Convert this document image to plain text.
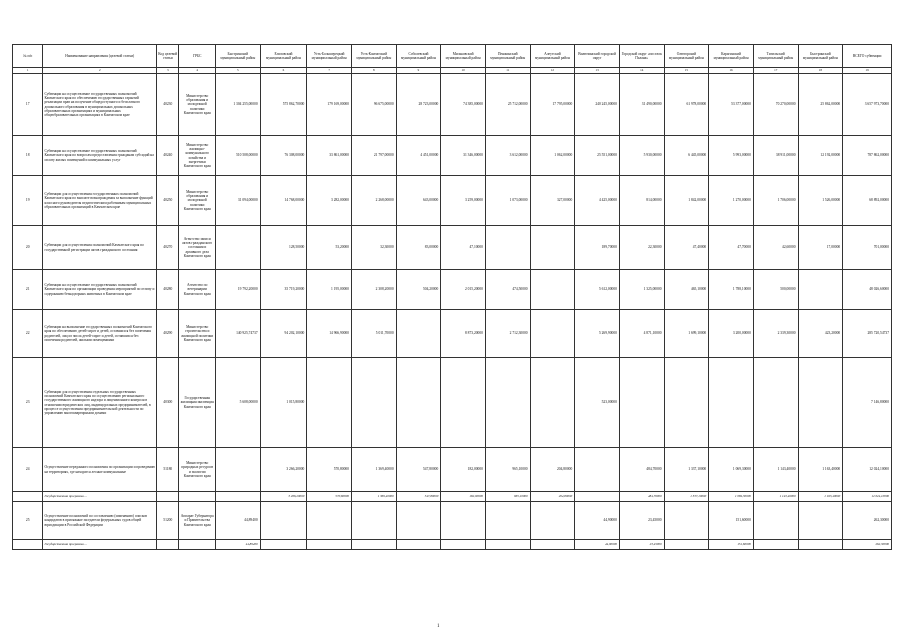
№ п/п	Наименование направления (целевой статьи)	Код целевой статьи	ГРБС	Быстринский муниципальный район	Елизовский муниципальный район	Усть-Большерецкий муниципальный район	Усть-Камчатский муниципальный район	Соболевский муниципальный район	Мильковский муниципальный район	Пенжинский муниципальный район	Алеутский муниципальный район	Вилючинский городской округ	Городской округ «поселок Палана»	Олюторский муниципальный район	Карагинский муниципальный район	Тигильский муниципальный район	Быстринский муниципальный район	ВСЕГО субвенции
1	2	3	4	5	6	7	8	9	10	11	12	13	14	15	16	17	18	19
17	Субвенции на осуществление государственных полномочий Камчатского края по обеспечению государственных гарантий реализации прав на получение общедоступного и бесплатного дошкольного образования в муниципальных дошкольных образовательных организациях и муниципальных общеобразовательных организациях в Камчатском крае	40230	Министерство образования и молодежной политики Камчатского края	1 304 255,00000	575 862,70000	179 169,00000	96 675,00000	28 723,00000	74 385,00000	25 712,00000	17 795,00000	240 245,00000	31 490,00000	61 978,00000	53 377,00000	70 270,00000	25 862,00000	3 657 973,70000
18	Субвенции на осуществление государственных полномочий Камчатского края по вопросам предоставления гражданам субсидий на оплату жилых помещений и коммунальных услуг	40240	Министерство жилищно-коммунального хозяйства и энергетики Камчатского края	510 508,00000	76 308,00000	33 861,00000	21 797,00000	4 451,00000	31 346,00000	3 612,00000	1 062,00000	25 551,00000	5 930,00000	6 445,00000	5 993,00000	38 911,00000	12 192,00000	787 862,00000
19	Субвенции для осуществления государственных полномочий Камчатского края по выплате вознаграждения за выполнение функций классного руководителя педагогическим работникам муниципальных образовательных организаций в Камчатском крае	40250	Министерство образования и молодежной политики Камчатского края	31 094,00000	14 768,00000	3 282,00000	2 268,00000	643,00000	3 259,00000	1 073,00000	327,00000	4 425,00000	814,00000	1 842,00000	1 270,00000	1 706,00000	1 526,00000	68 892,00000
20	Субвенции для осуществления полномочий Камчатского края по государственной регистрации актов гражданского состояния	40270	Агентство записи актов гражданского состояния и архивного дела Камчатского края		128,50000	53,20000	32,30000	83,00000	47,10000			189,70000	22,30000	47,40000	47,70000	42,60000	17,00000	701,00000
21	Субвенции на осуществление государственных полномочий Камчатского края по организации проведения мероприятий по отлову и содержанию безнадзорных животных в Камчатском крае	40280	Агентство по ветеринарии Камчатского края	19 792,20000	35 719,20000	1 195,00000	2 308,20000	504,20000	2 015,20000	474,50000		5 612,00000	1 325,00000	465,10000	1 788,10000	500,00000		48 026,60000
22	Субвенции на выполнение государственных полномочий Камчатского края по обеспечению детей-сирот и детей, оставшихся без попечения родителей, лиц из числа детей-сирот и детей, оставшихся без попечения родителей, жилыми помещениями	40290	Министерство строительства и жилищной политики Камчатского края	140 925,74737	94 202,10000	14 966,90000	5 011,70000		8 873,20000	2 712,30000		5 269,90000	4 871,10000	1 699,10000	3 200,00000	2 339,30000	423,20000	285 720,54737
23	Субвенции для осуществления отдельных государственных полномочий Камчатского края по осуществлению регионального государственного жилищного надзора и лицензионного контроля в отношении юридических лиц, индивидуальных предпринимателей, в процессе осуществления предпринимательской деятельности по управлению многоквартирными домами	40300	Государственная жилищная инспекция Камчатского края	5 608,00000	1 015,80000							523,00000						7 146,80000
24	Осуществление переданного полномочия по организации и проведению на территориях, где находятся лесные коммунальные	51180	Министерство природных ресурсов и экологии Камчатского края		3 266,20000	570,80000	1 369,40000	547,80000	182,00000	965,10000	204,80000		484,70000	1 337,10000	1 069,30000	1 143,40000	1 163,40000	12 024,10000
	Государственная программа ...				3 266,20000	570,80000	1 369,40000	547,80000	182,00000	965,10000	204,80000		484,70000	1 337,10000	1 069,30000	1 143,40000	1 163,40000	12 024,10000
25	Осуществление полномочий по составлению (изменению) списков кандидатов в присяжные заседатели федеральных судов общей юрисдикции в Российской Федерации	51200	Аппарат Губернатора и Правительства Камчатского края	44,89400								44,90000	23,45000		151,60000			262,30000
	Государственная программа ...			44,89400								44,90000	23,45000		151,60000			262,30000
1
